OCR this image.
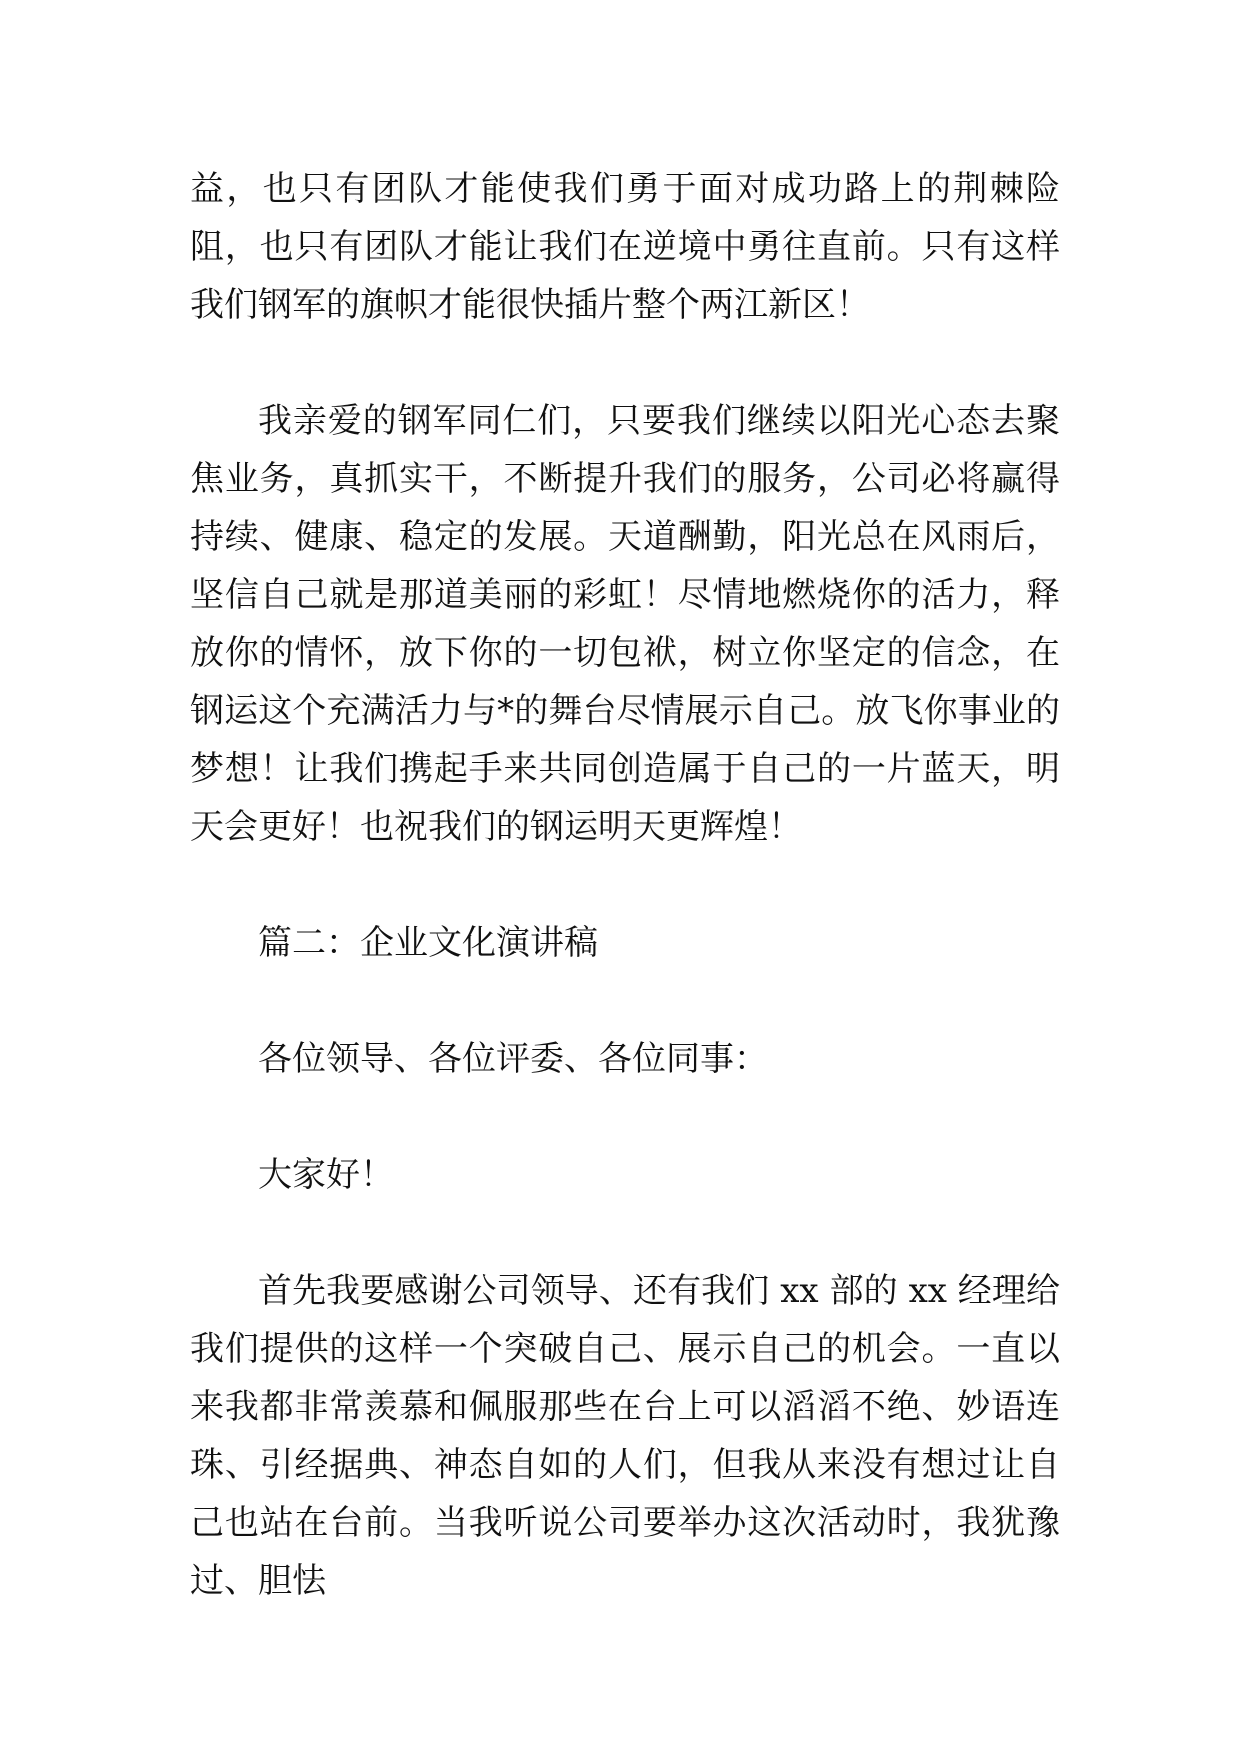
益，也只有团队才能使我们勇于面对成功路上的荆棘险阻，也只有团队才能让我们在逆境中勇往直前。只有这样我们钢军的旗帜才能很快插片整个两江新区！

我亲爱的钢军同仁们，只要我们继续以阳光心态去聚焦业务，真抓实干，不断提升我们的服务，公司必将赢得持续、健康、稳定的发展。天道酬勤，阳光总在风雨后，坚信自己就是那道美丽的彩虹！尽情地燃烧你的活力，释放你的情怀，放下你的一切包袱，树立你坚定的信念，在钢运这个充满活力与*的舞台尽情展示自己。放飞你事业的梦想！让我们携起手来共同创造属于自己的一片蓝天，明天会更好！也祝我们的钢运明天更辉煌！

篇二：企业文化演讲稿

各位领导、各位评委、各位同事：

大家好！

首先我要感谢公司领导、还有我们 xx 部的 xx 经理给我们提供的这样一个突破自己、展示自己的机会。一直以来我都非常羡慕和佩服那些在台上可以滔滔不绝、妙语连珠、引经据典、神态自如的人们，但我从来没有想过让自己也站在台前。当我听说公司要举办这次活动时，我犹豫过、胆怯
